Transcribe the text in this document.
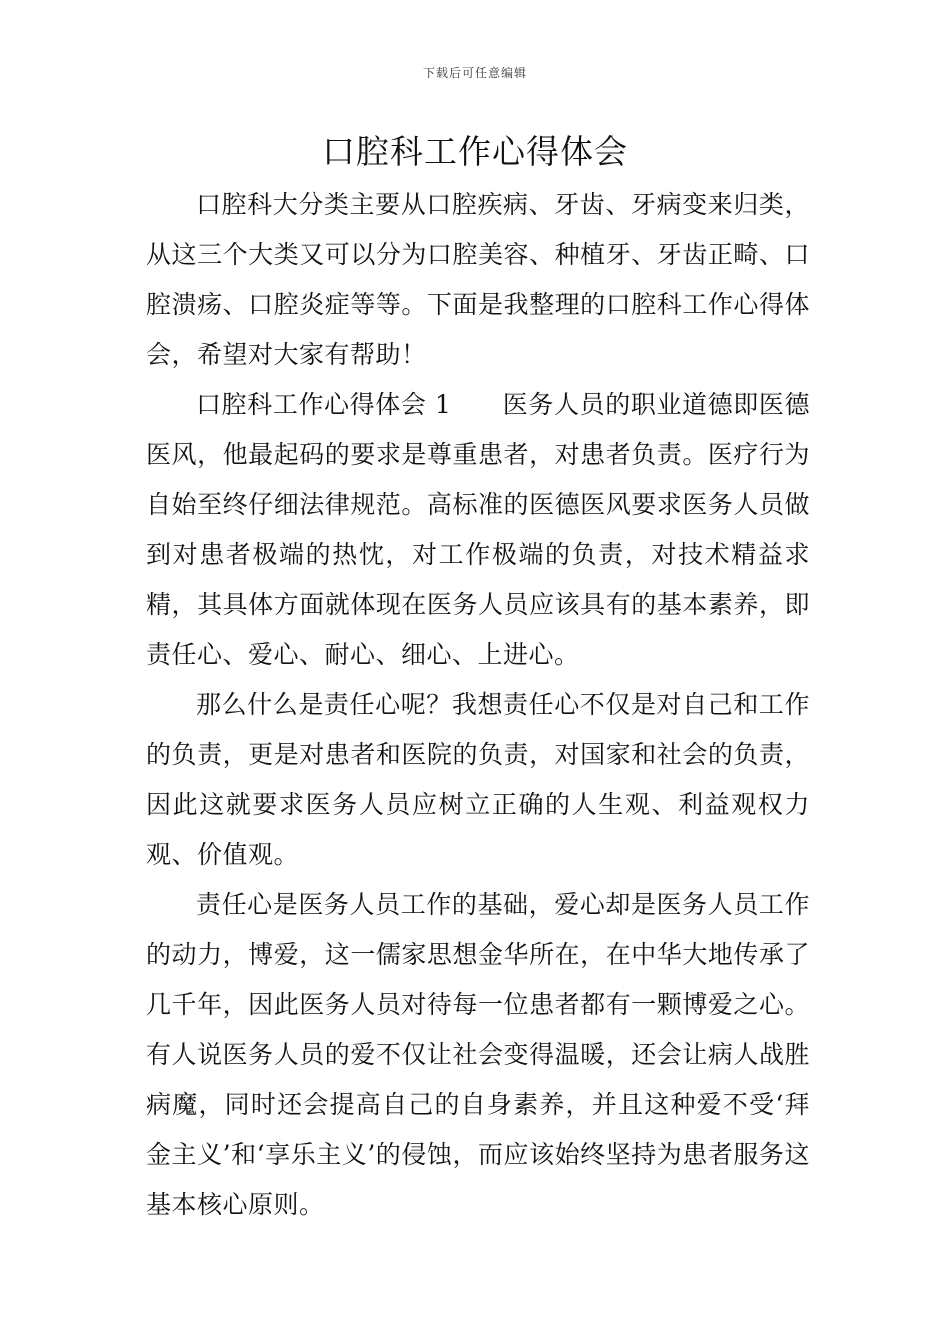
下载后可任意编辑
口腔科工作心得体会

口腔科大分类主要从口腔疾病、牙齿、牙病变来归类，从这三个大类又可以分为口腔美容、种植牙、牙齿正畸、口腔溃疡、口腔炎症等等。下面是我整理的口腔科工作心得体会，希望对大家有帮助！

口腔科工作心得体会 1　　医务人员的职业道德即医德医风，他最起码的要求是尊重患者，对患者负责。医疗行为自始至终仔细法律规范。高标准的医德医风要求医务人员做到对患者极端的热忱，对工作极端的负责，对技术精益求精，其具体方面就体现在医务人员应该具有的基本素养，即责任心、爱心、耐心、细心、上进心。

那么什么是责任心呢？我想责任心不仅是对自己和工作的负责，更是对患者和医院的负责，对国家和社会的负责，因此这就要求医务人员应树立正确的人生观、利益观权力观、价值观。

责任心是医务人员工作的基础，爱心却是医务人员工作的动力，博爱，这一儒家思想金华所在，在中华大地传承了几千年，因此医务人员对待每一位患者都有一颗博爱之心。有人说医务人员的爱不仅让社会变得温暖，还会让病人战胜病魔，同时还会提高自己的自身素养，并且这种爱不受‘拜金主义’和‘享乐主义’的侵蚀，而应该始终坚持为患者服务这基本核心原则。
